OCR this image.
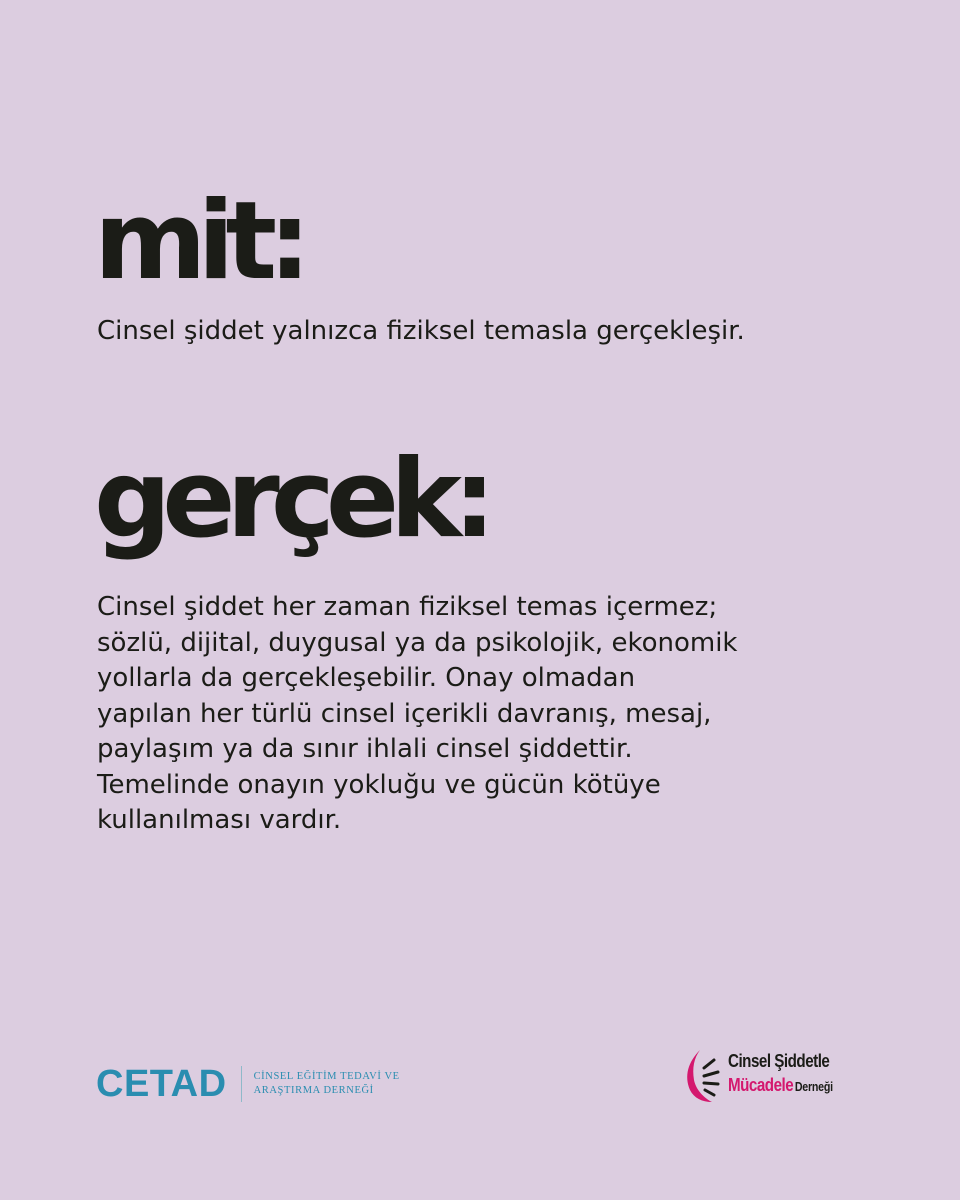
mit:

Cinsel şiddet yalnızca fiziksel temasla gerçekleşir.

gerçek:

Cinsel şiddet her zaman fiziksel temas içermez;
sözlü, dijital, duygusal ya da psikolojik, ekonomik
yollarla da gerçekleşebilir. Onay olmadan
yapılan her türlü cinsel içerikli davranış, mesaj,
paylaşım ya da sınır ihlali cinsel şiddettir.
Temelinde onayın yokluğu ve gücün kötüye
kullanılması vardır.

CETAD	CİNSEL EĞİTİM TEDAVİ VE
ARAŞTIRMA DERNEĞİ
Cinsel Şiddetle
Mücadele Derneği
